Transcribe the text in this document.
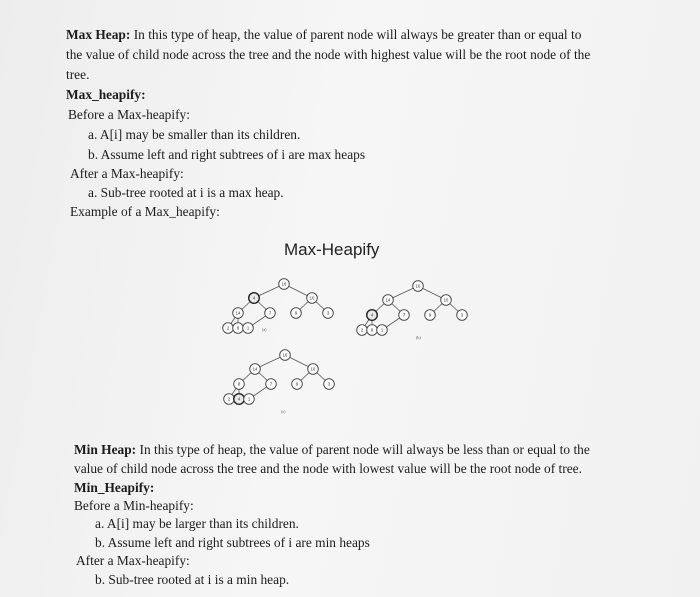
Max Heap: In this type of heap, the value of parent node will always be greater than or equal to
the value of child node across the tree and the node with highest value will be the root node of the
tree.
Max_heapify:
Before a Max-heapify:
a. A[i] may be smaller than its children.
b. Assume left and right subtrees of i are max heaps
After a Max-heapify:
a. Sub-tree rooted at i is a max heap.
Example of a Max_heapify:
Max-Heapify
16
4	10
14	7	9	3
2 8 1
16
14	10
4	7	9	3
2 8 1
16
14	10
8	7	9	3
2 4 1
(a)
(b)
(c)
Min Heap: In this type of heap, the value of parent node will always be less than or equal to the
value of child node across the tree and the node with lowest value will be the root node of tree.
Min_Heapify:
Before a Min-heapify:
a. A[i] may be larger than its children.
b. Assume left and right subtrees of i are min heaps
After a Max-heapify:
b. Sub-tree rooted at i is a min heap.
